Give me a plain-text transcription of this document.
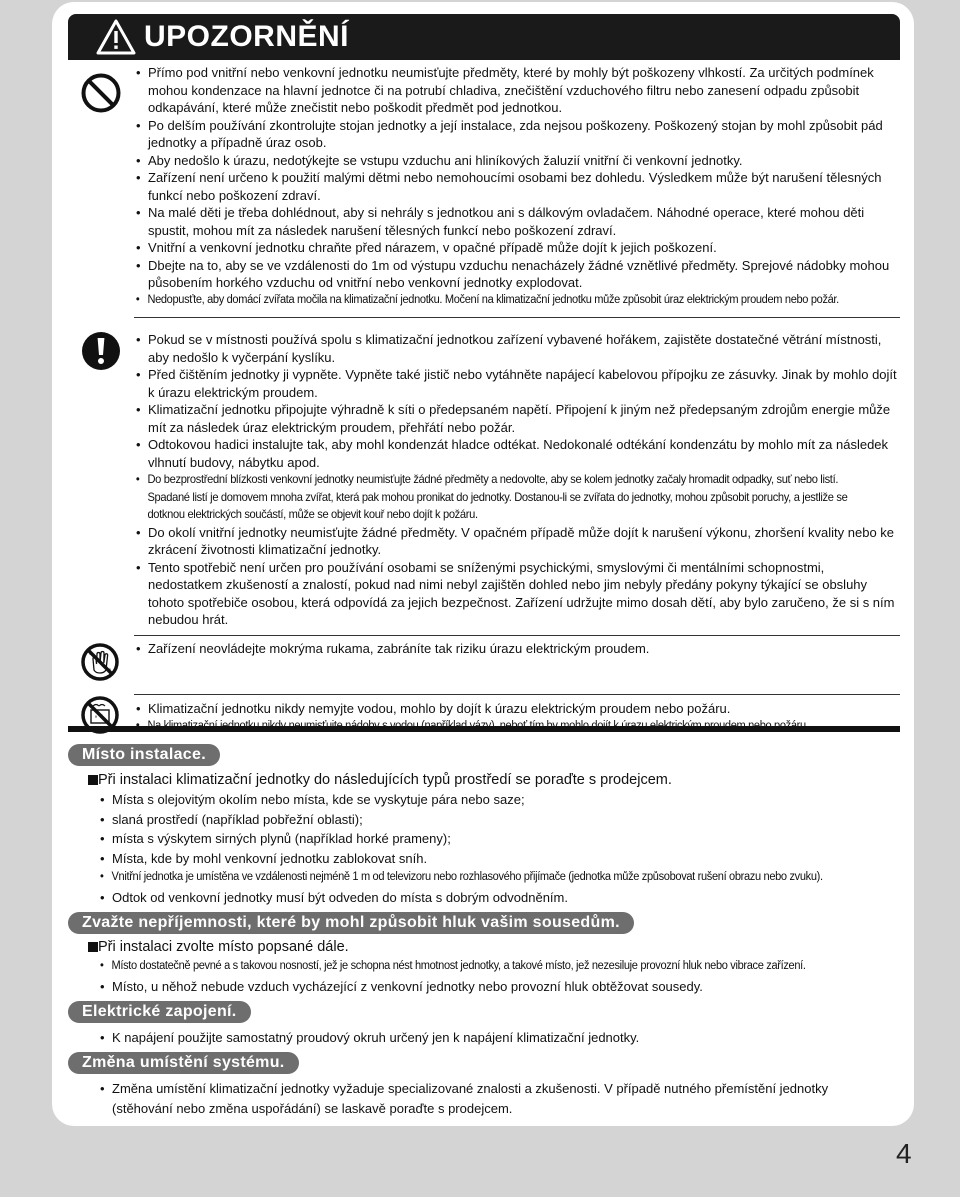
UPOZORNĚNÍ
• Přímo pod vnitřní nebo venkovní jednotku neumisťujte předměty, které by mohly být poškozeny vlhkostí. Za určitých podmínek mohou kondenzace na hlavní jednotce či na potrubí chladiva, znečištění vzduchového filtru nebo zanesení odpadu způsobit odkapávání, které může znečistit nebo poškodit předmět pod jednotkou.
• Po delším používání zkontrolujte stojan jednotky a její instalace, zda nejsou poškozeny. Poškozený stojan by mohl způsobit pád jednotky a případně úraz osob.
• Aby nedošlo k úrazu, nedotýkejte se vstupu vzduchu ani hliníkových žaluzií vnitřní či venkovní jednotky.
• Zařízení není určeno k použití malými dětmi nebo nemohoucími osobami bez dohledu. Výsledkem může být narušení tělesných funkcí nebo poškození zdraví.
• Na malé děti je třeba dohlédnout, aby si nehrály s jednotkou ani s dálkovým ovladačem. Náhodné operace, které mohou děti spustit, mohou mít za následek narušení tělesných funkcí nebo poškození zdraví.
• Vnitřní a venkovní jednotku chraňte před nárazem, v opačné případě může dojít k jejich poškození.
• Dbejte na to, aby se ve vzdálenosti do 1m od výstupu vzduchu nenacházely žádné vznětlivé předměty. Sprejové nádobky mohou působením horkého vzduchu od vnitřní nebo venkovní jednotky explodovat.
• Nedopusťte, aby domácí zvířata močila na klimatizační jednotku. Močení na klimatizační jednotku může způsobit úraz elektrickým proudem nebo požár.
• Pokud se v místnosti používá spolu s klimatizační jednotkou zařízení vybavené hořákem, zajistěte dostatečné větrání místnosti, aby nedošlo k vyčerpání kyslíku.
• Před čištěním jednotky ji vypněte. Vypněte také jistič nebo vytáhněte napájecí kabelovou přípojku ze zásuvky. Jinak by mohlo dojít k úrazu elektrickým proudem.
• Klimatizační jednotku připojujte výhradně k síti o předepsaném napětí. Připojení k jiným než předepsaným zdrojům energie může mít za následek úraz elektrickým proudem, přehřátí nebo požár.
• Odtokovou hadici instalujte tak, aby mohl kondenzát hladce odtékat. Nedokonalé odtékání kondenzátu by mohlo mít za následek vlhnutí budovy, nábytku apod.
• Do bezprostřední blízkosti venkovní jednotky neumisťujte žádné předměty a nedovolte, aby se kolem jednotky začaly hromadit odpadky, suť nebo listí. Spadané listí je domovem mnoha zvířat, která pak mohou pronikat do jednotky. Dostanou-li se zvířata do jednotky, mohou způsobit poruchy, a jestliže se dotknou elektrických součástí, může se objevit kouř nebo dojít k požáru.
• Do okolí vnitřní jednotky neumisťujte žádné předměty. V opačném případě může dojít k narušení výkonu, zhoršení kvality nebo ke zkrácení životnosti klimatizační jednotky.
• Tento spotřebič není určen pro používání osobami se sníženými psychickými, smyslovými či mentálními schopnostmi, nedostatkem zkušeností a znalostí, pokud nad nimi nebyl zajištěn dohled nebo jim nebyly předány pokyny týkající se obsluhy tohoto spotřebiče osobou, která odpovídá za jejich bezpečnost. Zařízení udržujte mimo dosah dětí, aby bylo zaručeno, že si s ním nebudou hrát.
• Zařízení neovládejte mokrýma rukama, zabráníte tak riziku úrazu elektrickým proudem.
• Klimatizační jednotku nikdy nemyjte vodou, mohlo by dojít k úrazu elektrickým proudem nebo požáru.
•
Místo instalace.
Při instalaci klimatizační jednotky do následujících typů prostředí se poraďte s prodejcem.
• Místa s olejovitým okolím nebo místa, kde se vyskytuje pára nebo saze;
• slaná prostředí (například pobřežní oblasti);
• místa s výskytem sirných plynů (například horké prameny);
• Místa, kde by mohl venkovní jednotku zablokovat sníh.
• Vnitřní jednotka je umístěna ve vzdálenosti nejméně 1 m od televizoru nebo rozhlasového přijímače (jednotka může způsobovat rušení obrazu nebo zvuku).
• Odtok od venkovní jednotky musí být odveden do místa s dobrým odvodněním.
Zvažte nepříjemnosti, které by mohl způsobit hluk vašim sousedům.
Při instalaci zvolte místo popsané dále.
• Místo dostatečně pevné a s takovou nosností, jež je schopna nést hmotnost jednotky, a takové místo, jež nezesiluje provozní hluk nebo vibrace zařízení.
• Místo, u něhož nebude vzduch vycházející z venkovní jednotky nebo provozní hluk obtěžovat sousedy.
Elektrické zapojení.
• K napájení použijte samostatný proudový okruh určený jen k napájení klimatizační jednotky.
Změna umístění systému.
• Změna umístění klimatizační jednotky vyžaduje specializované znalosti a zkušenosti. V případě nutného přemístění jednotky (stěhování nebo změna uspořádání) se laskavě poraďte s prodejcem.
4
